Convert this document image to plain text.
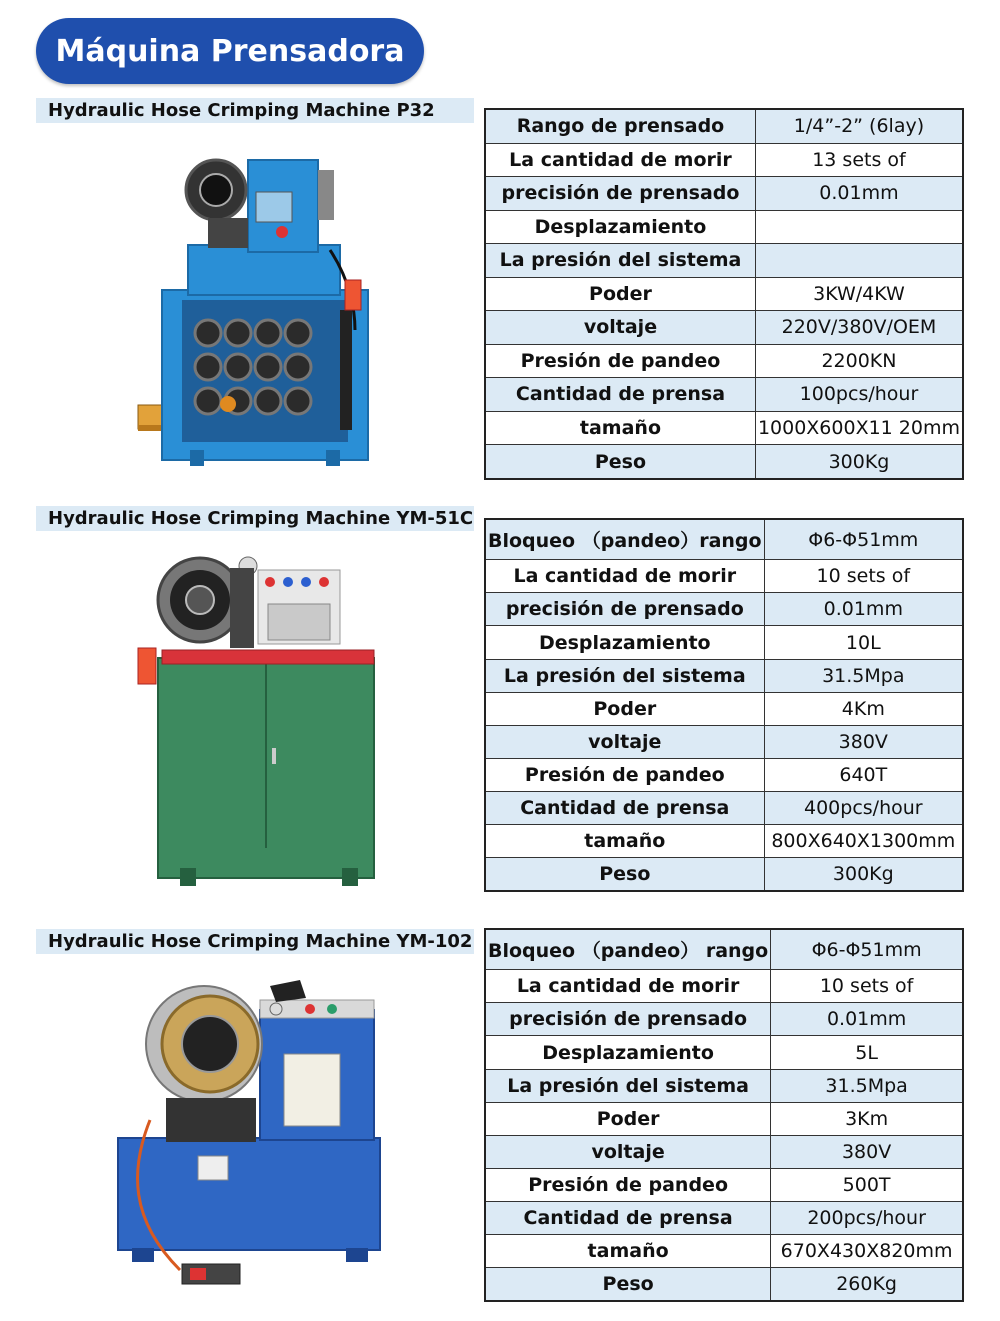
Máquina Prensadora
Hydraulic Hose Crimping Machine P32
Rango de prensado	1/4”-2” (6lay)
La cantidad de morir	13 sets of
precisión de prensado	0.01mm
Desplazamiento	
La presión del sistema	
Poder	3KW/4KW
voltaje	220V/380V/OEM
Presión de pandeo	2200KN
Cantidad de prensa	100pcs/hour
tamaño	1000X600X11 20mm
Peso	300Kg
Hydraulic Hose Crimping Machine YM-51C
Bloqueo （pandeo）rango	Φ6-Φ51mm
La cantidad de morir	10 sets of
precisión de prensado	0.01mm
Desplazamiento	10L
La presión del sistema	31.5Mpa
Poder	4Km
voltaje	380V
Presión de pandeo	640T
Cantidad de prensa	400pcs/hour
tamaño	800X640X1300mm
Peso	300Kg
Hydraulic Hose Crimping Machine YM-102 Bloqueo （pandeo） rango	Φ6-Φ51mm
La cantidad de morir	10 sets of
precisión de prensado	0.01mm
Desplazamiento	5L
La presión del sistema	31.5Mpa
Poder	3Km
voltaje	380V
Presión de pandeo	500T
Cantidad de prensa	200pcs/hour
tamaño	670X430X820mm
Peso	260Kg
